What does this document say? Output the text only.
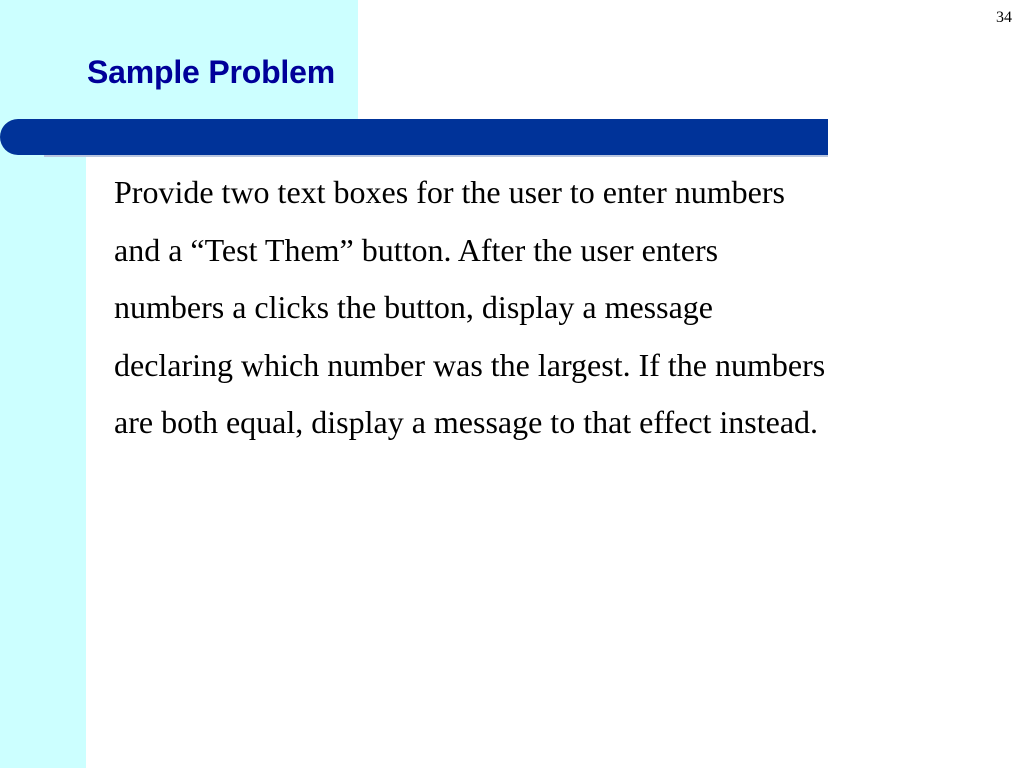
34
Sample Problem

Provide two text boxes for the user to enter numbers
and a “Test Them” button. After the user enters
numbers a clicks the button, display a message
declaring which number was the largest. If the numbers
are both equal, display a message to that effect instead.
